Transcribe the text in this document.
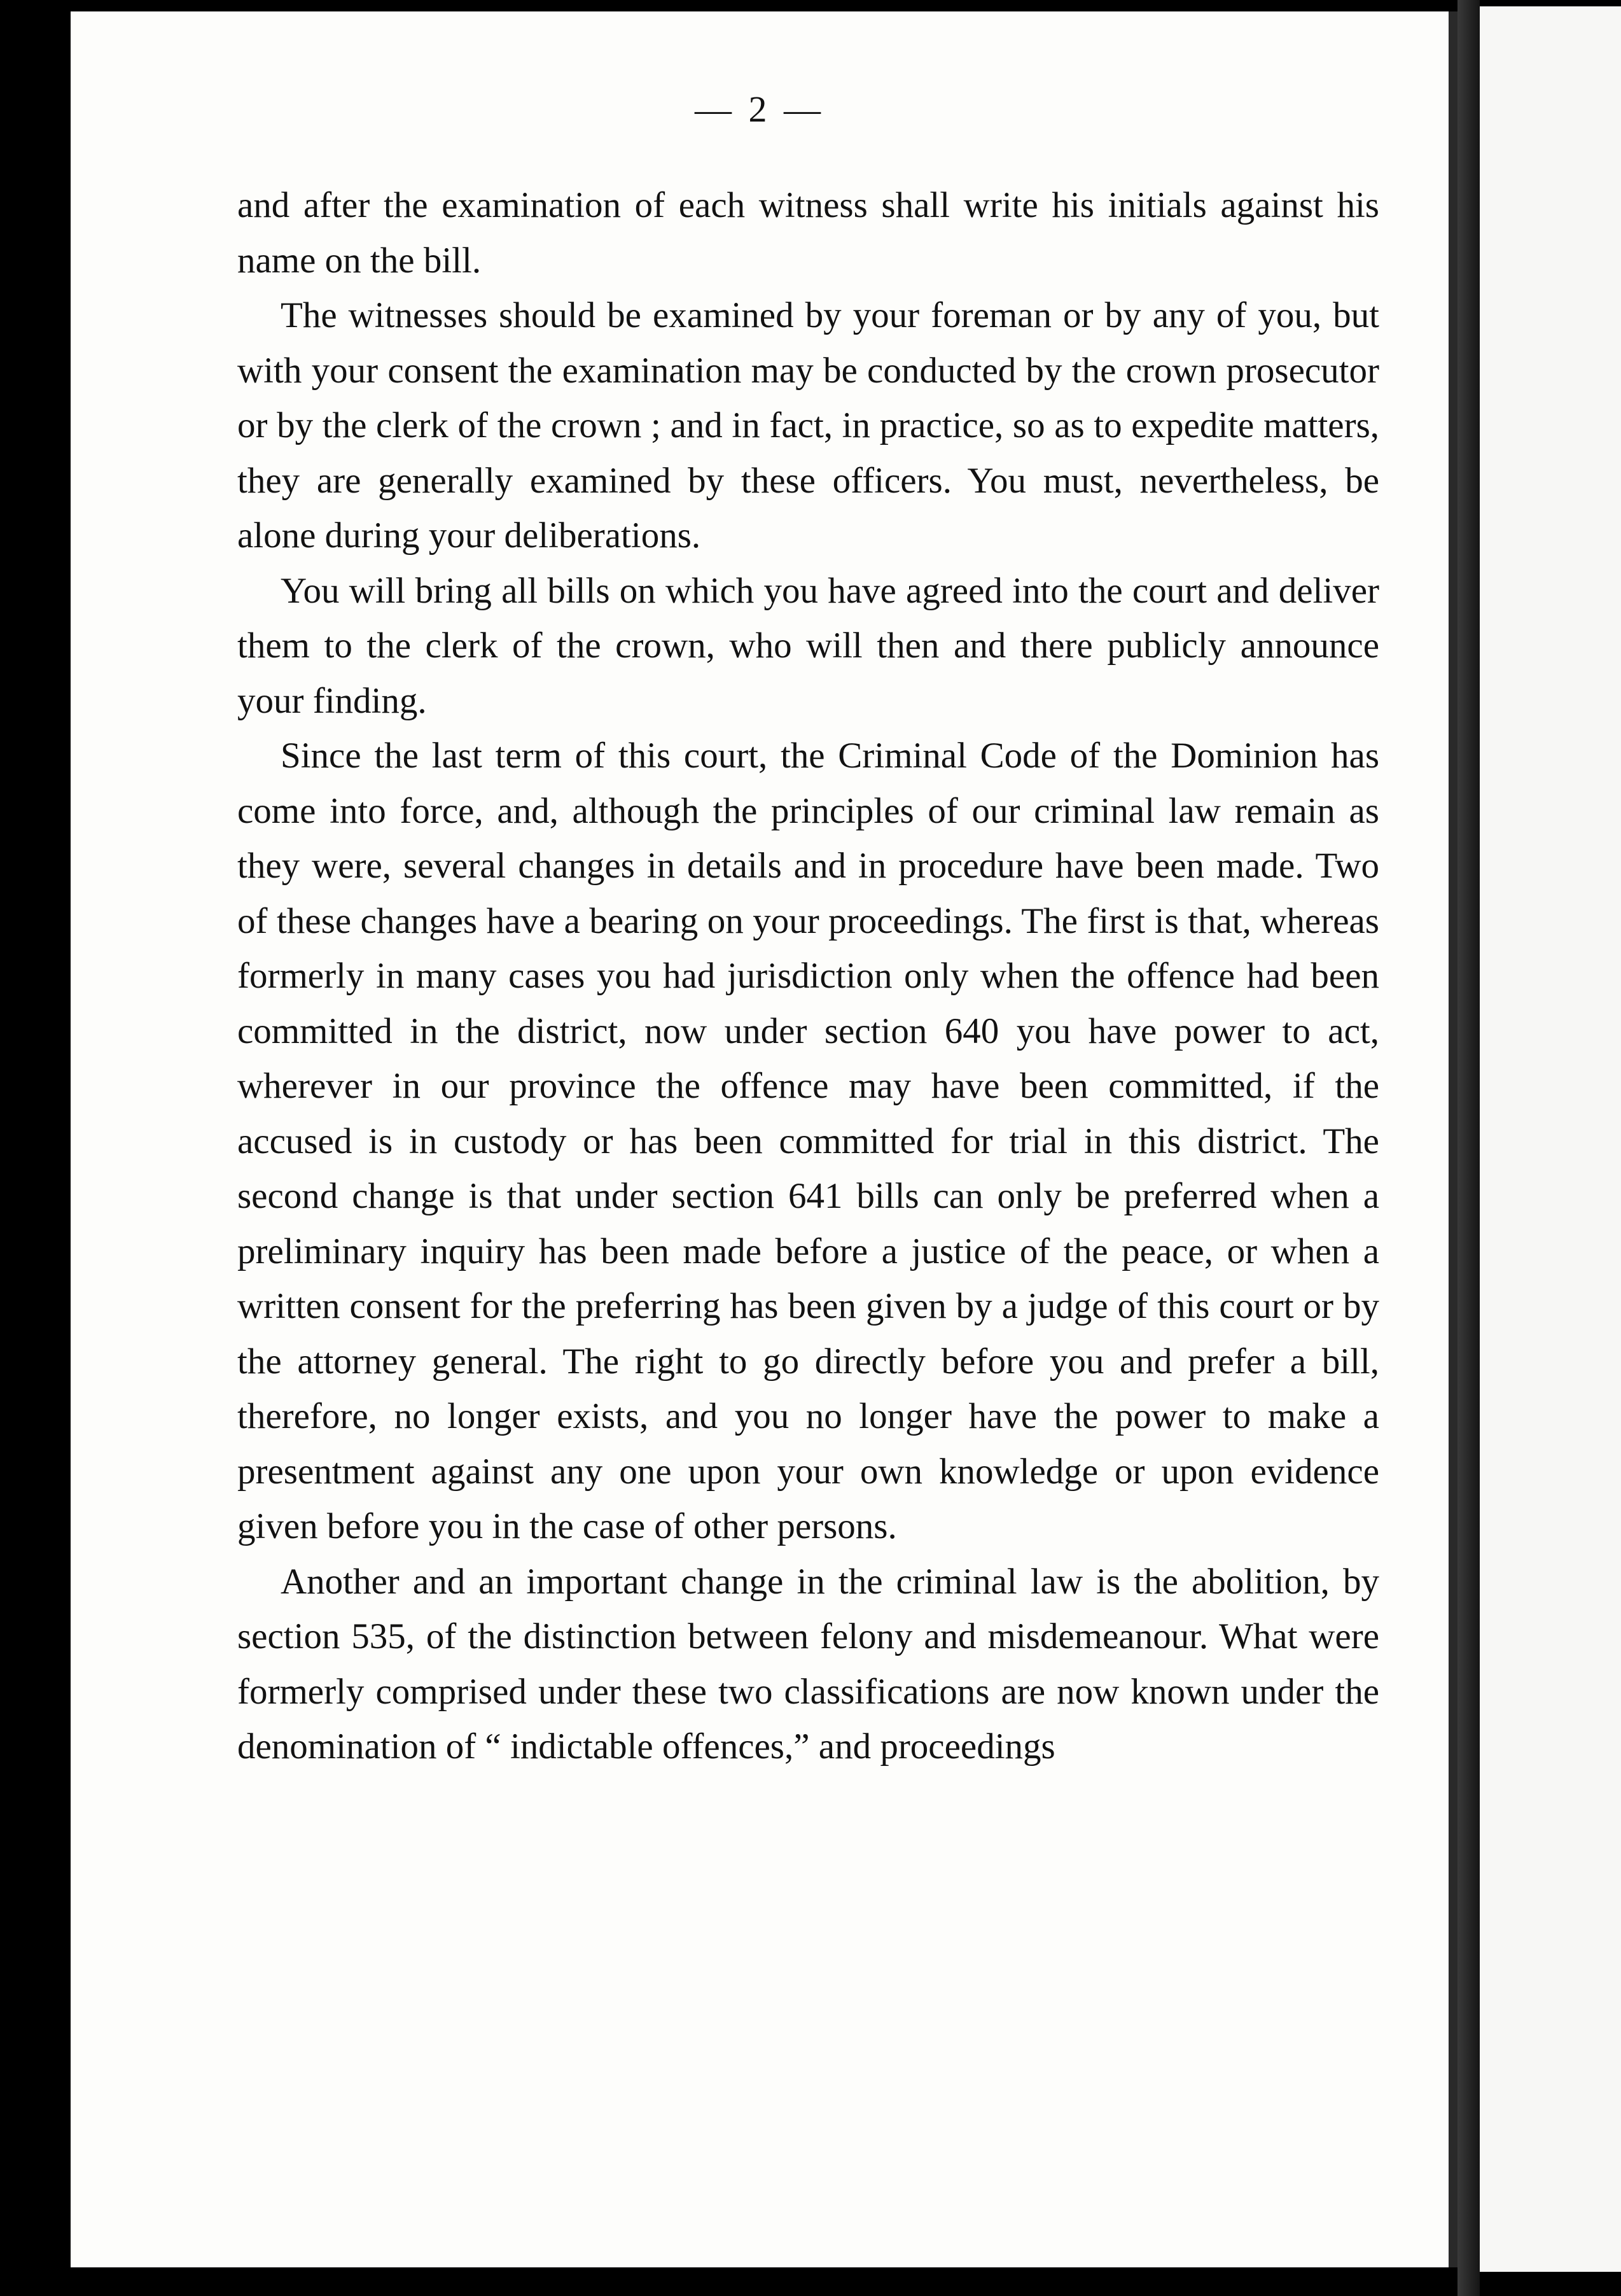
— 2 —

and after the examination of each witness shall write his initials against his name on the bill.

The witnesses should be examined by your foreman or by any of you, but with your consent the examination may be conducted by the crown prosecutor or by the clerk of the crown ; and in fact, in practice, so as to expedite matters, they are generally examined by these officers. You must, nevertheless, be alone during your deliberations.

You will bring all bills on which you have agreed into the court and deliver them to the clerk of the crown, who will then and there publicly announce your finding.

Since the last term of this court, the Criminal Code of the Dominion has come into force, and, although the principles of our criminal law remain as they were, several changes in details and in procedure have been made. Two of these changes have a bearing on your proceedings. The first is that, whereas formerly in many cases you had jurisdiction only when the offence had been committed in the district, now under section 640 you have power to act, wherever in our province the offence may have been committed, if the accused is in custody or has been committed for trial in this district. The second change is that under section 641 bills can only be preferred when a preliminary inquiry has been made before a justice of the peace, or when a written consent for the preferring has been given by a judge of this court or by the attorney general. The right to go directly before you and prefer a bill, therefore, no longer exists, and you no longer have the power to make a presentment against any one upon your own knowledge or upon evidence given before you in the case of other persons.

Another and an important change in the criminal law is the abolition, by section 535, of the distinction between felony and misdemeanour. What were formerly comprised under these two classifications are now known under the denomination of “ indictable offences,” and proceedings
